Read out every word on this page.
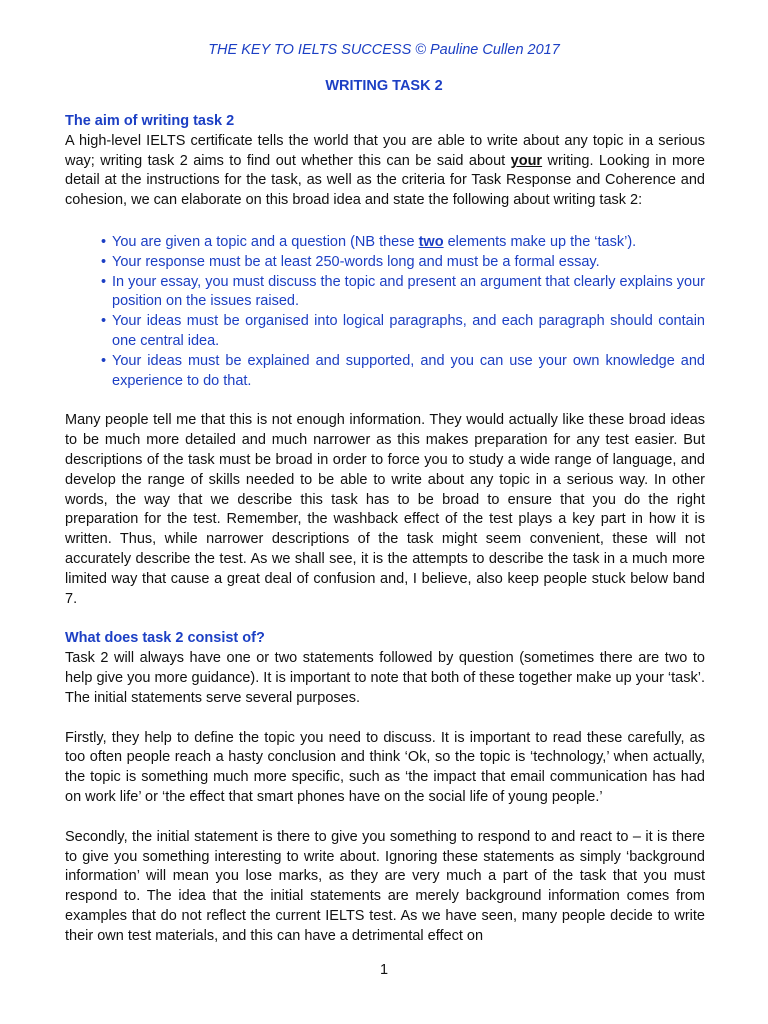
THE KEY TO IELTS SUCCESS © Pauline Cullen 2017
WRITING TASK 2
The aim of writing task 2

A high-level IELTS certificate tells the world that you are able to write about any topic in a serious way; writing task 2 aims to find out whether this can be said about your writing. Looking in more detail at the instructions for the task, as well as the criteria for Task Response and Coherence and cohesion, we can elaborate on this broad idea and state the following about writing task 2:

• You are given a topic and a question (NB these two elements make up the ‘task’).
• Your response must be at least 250-words long and must be a formal essay.
• In your essay, you must discuss the topic and present an argument that clearly explains your position on the issues raised.
• Your ideas must be organised into logical paragraphs, and each paragraph should contain one central idea.
• Your ideas must be explained and supported, and you can use your own knowledge and experience to do that.

Many people tell me that this is not enough information. They would actually like these broad ideas to be much more detailed and much narrower as this makes preparation for any test easier. But descriptions of the task must be broad in order to force you to study a wide range of language, and develop the range of skills needed to be able to write about any topic in a serious way. In other words, the way that we describe this task has to be broad to ensure that you do the right preparation for the test. Remember, the washback effect of the test plays a key part in how it is written. Thus, while narrower descriptions of the task might seem convenient, these will not accurately describe the test. As we shall see, it is the attempts to describe the task in a much more limited way that cause a great deal of confusion and, I believe, also keep people stuck below band 7.

What does task 2 consist of?

Task 2 will always have one or two statements followed by question (sometimes there are two to help give you more guidance). It is important to note that both of these together make up your ‘task’. The initial statements serve several purposes.

Firstly, they help to define the topic you need to discuss. It is important to read these carefully, as too often people reach a hasty conclusion and think ‘Ok, so the topic is ‘technology,’ when actually, the topic is something much more specific, such as ‘the impact that email communication has had on work life’ or ‘the effect that smart phones have on the social life of young people.’

Secondly, the initial statement is there to give you something to respond to and react to – it is there to give you something interesting to write about. Ignoring these statements as simply ‘background information’ will mean you lose marks, as they are very much a part of the task that you must respond to. The idea that the initial statements are merely background information comes from examples that do not reflect the current IELTS test. As we have seen, many people decide to write their own test materials, and this can have a detrimental effect on

1
